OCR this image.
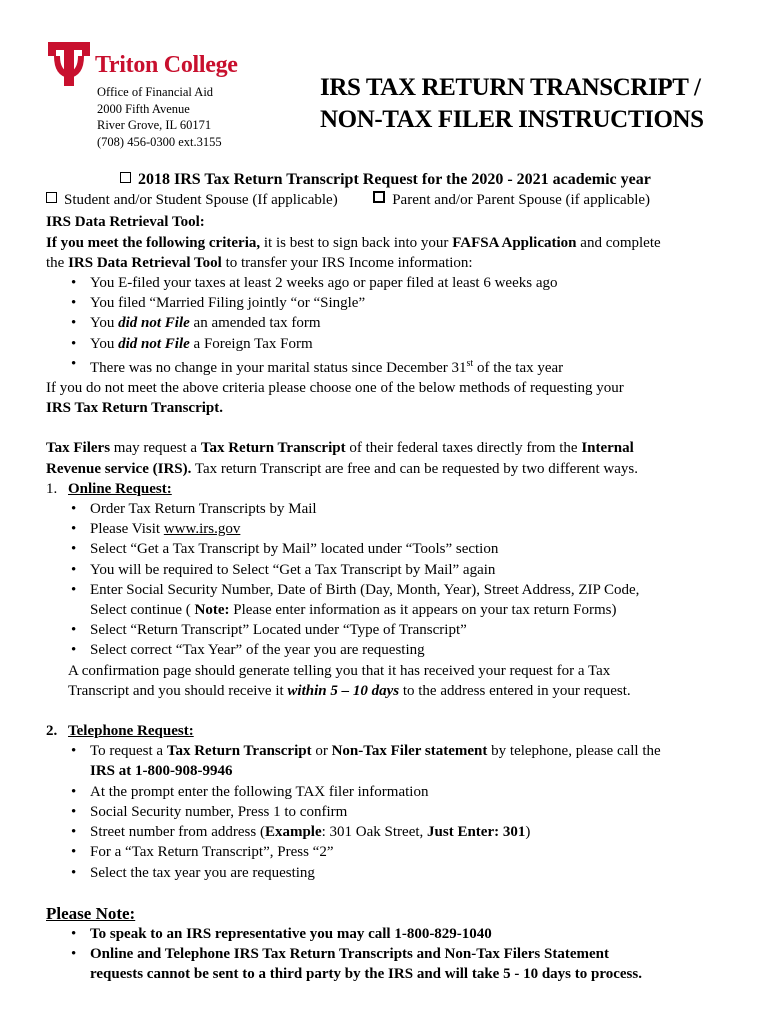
Triton College
Office of Financial Aid
2000 Fifth Avenue
River Grove, IL 60171
(708) 456-0300 ext.3155
IRS TAX RETURN TRANSCRIPT /
NON-TAX FILER INSTRUCTIONS
2018 IRS Tax Return Transcript Request for the 2020 - 2021 academic year
Student and/or Student Spouse (If applicable)	Parent and/or Parent Spouse (if applicable)
IRS Data Retrieval Tool:
If you meet the following criteria, it is best to sign back into your FAFSA Application and complete
the IRS Data Retrieval Tool to transfer your IRS Income information:
• You E-filed your taxes at least 2 weeks ago or paper filed at least 6 weeks ago
• You filed “Married Filing jointly “or “Single”
• You did not File an amended tax form
• You did not File a Foreign Tax Form
• There was no change in your marital status since December 31st of the tax year
If you do not meet the above criteria please choose one of the below methods of requesting your
IRS Tax Return Transcript.
Tax Filers may request a Tax Return Transcript of their federal taxes directly from the Internal
Revenue service (IRS). Tax return Transcript are free and can be requested by two different ways.
1. Online Request:
• Order Tax Return Transcripts by Mail
• Please Visit www.irs.gov
• Select “Get a Tax Transcript by Mail” located under “Tools” section
• You will be required to Select “Get a Tax Transcript by Mail” again
• Enter Social Security Number, Date of Birth (Day, Month, Year), Street Address, ZIP Code,
Select continue ( Note: Please enter information as it appears on your tax return Forms)
• Select “Return Transcript” Located under “Type of Transcript”
• Select correct “Tax Year” of the year you are requesting
A confirmation page should generate telling you that it has received your request for a Tax
Transcript and you should receive it within 5 – 10 days to the address entered in your request.
2. Telephone Request:
• To request a Tax Return Transcript or Non-Tax Filer statement by telephone, please call the
IRS at 1-800-908-9946
• At the prompt enter the following TAX filer information
• Social Security number, Press 1 to confirm
• Street number from address (Example: 301 Oak Street, Just Enter: 301)
• For a “Tax Return Transcript”, Press “2”
• Select the tax year you are requesting
Please Note:
• To speak to an IRS representative you may call 1-800-829-1040
• Online and Telephone IRS Tax Return Transcripts and Non-Tax Filers Statement
requests cannot be sent to a third party by the IRS and will take 5 - 10 days to process.
